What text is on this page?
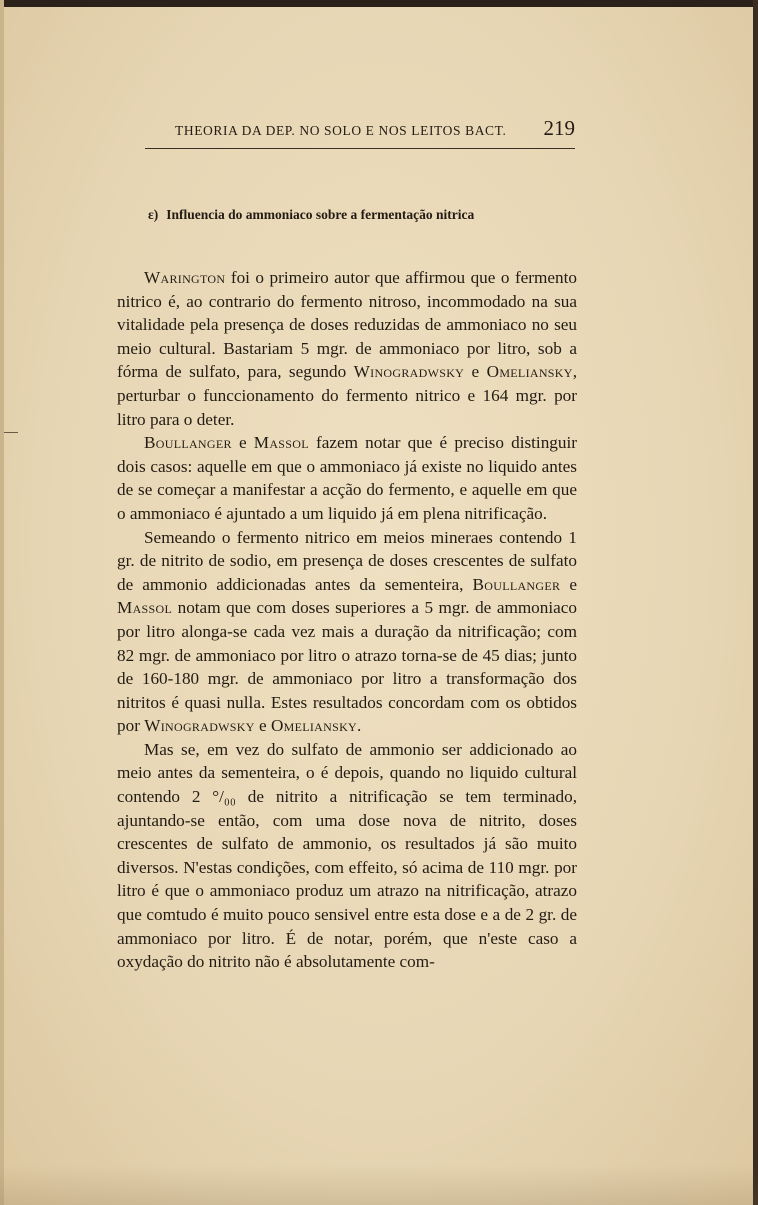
THEORIA DA DEP. NO SOLO E NOS LEITOS BACT. 219
ε) Influencia do ammoniaco sobre a fermentação nitrica

Warington foi o primeiro autor que affirmou que o fermento nitrico é, ao contrario do fermento nitroso, incommodado na sua vitalidade pela presença de doses reduzidas de ammoniaco no seu meio cultural. Bastariam 5 mgr. de ammoniaco por litro, sob a fórma de sulfato, para, segundo Winogradwsky e Omeliansky, perturbar o funccionamento do fermento nitrico e 164 mgr. por litro para o deter.

Boullanger e Massol fazem notar que é preciso distinguir dois casos: aquelle em que o ammoniaco já existe no liquido antes de se começar a manifestar a acção do fermento, e aquelle em que o ammoniaco é ajuntado a um liquido já em plena nitrificação.

Semeando o fermento nitrico em meios mineraes contendo 1 gr. de nitrito de sodio, em presença de doses crescentes de sulfato de ammonio addicionadas antes da sementeira, Boullanger e Massol notam que com doses superiores a 5 mgr. de ammoniaco por litro alonga-se cada vez mais a duração da nitrificação; com 82 mgr. de ammoniaco por litro o atrazo torna-se de 45 dias; junto de 160-180 mgr. de ammoniaco por litro a transformação dos nitritos é quasi nulla. Estes resultados concordam com os obtidos por Winogradwsky e Omeliansky.

Mas se, em vez do sulfato de ammonio ser addicionado ao meio antes da sementeira, o é depois, quando no liquido cultural contendo 2 °/₀₀ de nitrito a nitrificação se tem terminado, ajuntando-se então, com uma dose nova de nitrito, doses crescentes de sulfato de ammonio, os resultados já são muito diversos. N'estas condições, com effeito, só acima de 110 mgr. por litro é que o ammoniaco produz um atrazo na nitrificação, atrazo que comtudo é muito pouco sensivel entre esta dose e a de 2 gr. de ammoniaco por litro. É de notar, porém, que n'este caso a oxydação do nitrito não é absolutamente com-
